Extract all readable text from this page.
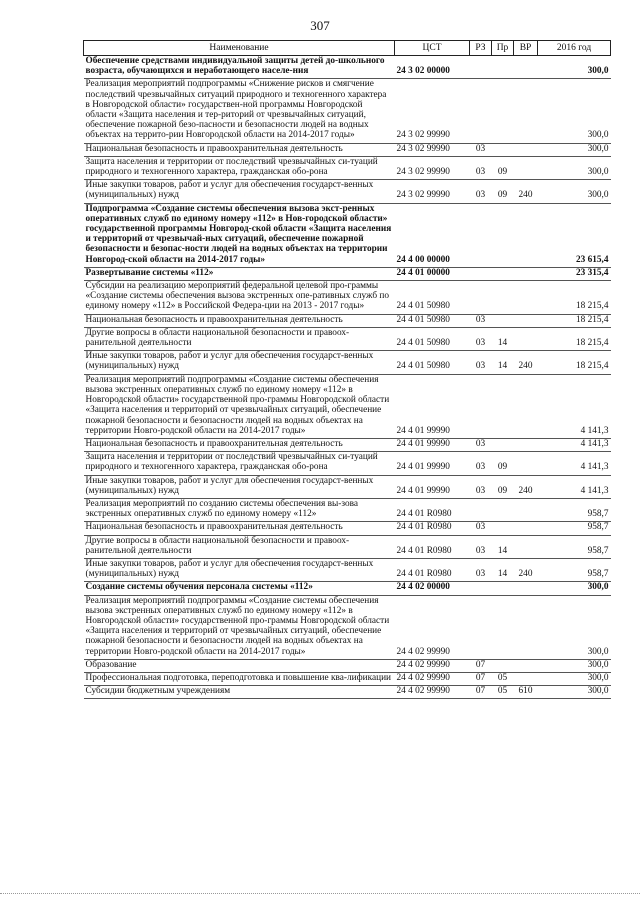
307
Наименование	ЦСТ	РЗ	Пр	ВР	2016 год
Обеспечение средствами индивидуальной защиты детей до-школьного возраста, обучающихся и неработающего населе-ния	24 3 02 00000				300,0
Реализация мероприятий подпрограммы «Снижение рисков и смягчение последствий чрезвычайных ситуаций природного и техногенного характера в Новгородской области» государствен-ной программы Новгородской области «Защита населения и тер-риторий от чрезвычайных ситуаций, обеспечение пожарной безо-пасности и безопасности людей на водных объектах на террито-рии Новгородской области на 2014-2017 годы»	24 3 02 99990				300,0
Национальная безопасность и правоохранительная деятельность	24 3 02 99990	03			300,0
Защита населения и территории от последствий чрезвычайных си-туаций природного и техногенного характера, гражданская обо-рона	24 3 02 99990	03	09		300,0
Иные закупки товаров, работ и услуг для обеспечения государст-венных (муниципальных) нужд	24 3 02 99990	03	09	240	300,0
Подпрограмма «Создание системы обеспечения вызова экст-ренных оперативных служб по единому номеру «112» в Нов-городской области» государственной программы Новгород-ской области «Защита населения и территорий от чрезвычай-ных ситуаций, обеспечение пожарной безопасности и безопас-ности людей на водных объектах на территории Новгород-ской области на 2014-2017 годы»	24 4 00 00000				23 615,4
Развертывание системы «112»	24 4 01 00000				23 315,4
Субсидии на реализацию мероприятий федеральной целевой про-граммы «Создание системы обеспечения вызова экстренных опе-ративных служб по единому номеру «112» в Российской Федера-ции на 2013 - 2017 годы»	24 4 01 50980				18 215,4
Национальная безопасность и правоохранительная деятельность	24 4 01 50980	03			18 215,4
Другие вопросы в области национальной безопасности и правоох-ранительной деятельности	24 4 01 50980	03	14		18 215,4
Иные закупки товаров, работ и услуг для обеспечения государст-венных (муниципальных) нужд	24 4 01 50980	03	14	240	18 215,4
Реализация мероприятий подпрограммы «Создание системы обеспечения вызова экстренных оперативных служб по единому номеру «112» в Новгородской области» государственной про-граммы Новгородской области «Защита населения и территорий от чрезвычайных ситуаций, обеспечение пожарной безопасности и безопасности людей на водных объектах на территории Новго-родской области на 2014-2017 годы»	24 4 01 99990				4 141,3
Национальная безопасность и правоохранительная деятельность	24 4 01 99990	03			4 141,3
Защита населения и территории от последствий чрезвычайных си-туаций природного и техногенного характера, гражданская обо-рона	24 4 01 99990	03	09		4 141,3
Иные закупки товаров, работ и услуг для обеспечения государст-венных (муниципальных) нужд	24 4 01 99990	03	09	240	4 141,3
Реализация мероприятий по созданию системы обеспечения вы-зова экстренных оперативных служб по единому номеру «112»	24 4 01 R0980				958,7
Национальная безопасность и правоохранительная деятельность	24 4 01 R0980	03			958,7
Другие вопросы в области национальной безопасности и правоох-ранительной деятельности	24 4 01 R0980	03	14		958,7
Иные закупки товаров, работ и услуг для обеспечения государст-венных (муниципальных) нужд	24 4 01 R0980	03	14	240	958,7
Создание системы обучения персонала системы «112»	24 4 02 00000				300,0
Реализация мероприятий подпрограммы «Создание системы обеспечения вызова экстренных оперативных служб по единому номеру «112» в Новгородской области» государственной про-граммы Новгородской области «Защита населения и территорий от чрезвычайных ситуаций, обеспечение пожарной безопасности и безопасности людей на водных объектах на территории Новго-родской области на 2014-2017 годы»	24 4 02 99990				300,0
Образование	24 4 02 99990	07			300,0
Профессиональная подготовка, переподготовка и повышение ква-лификации	24 4 02 99990	07	05		300,0
Субсидии бюджетным учреждениям	24 4 02 99990	07	05	610	300,0
